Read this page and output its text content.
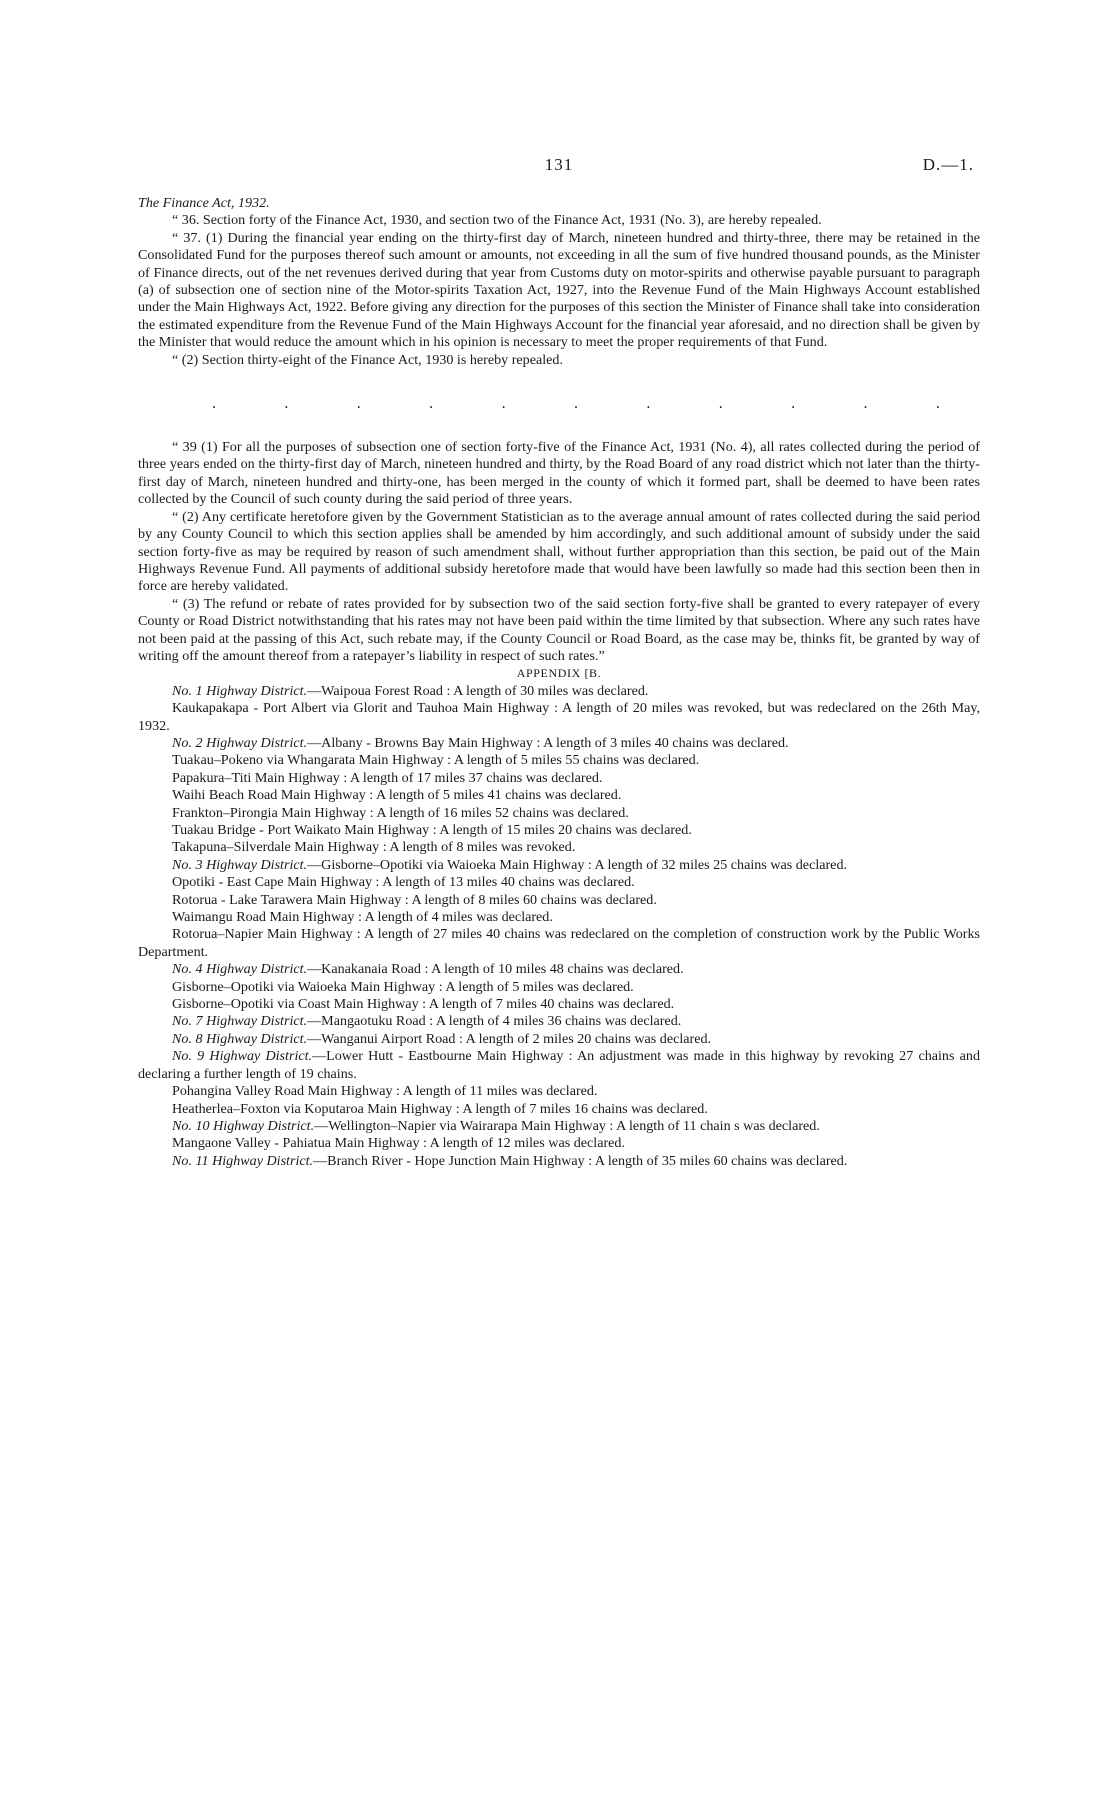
131	D.—1.

The Finance Act, 1932.

“ 36. Section forty of the Finance Act, 1930, and section two of the Finance Act, 1931 (No. 3), are hereby repealed.

“ 37. (1) During the financial year ending on the thirty-first day of March, nineteen hundred and thirty-three, there may be retained in the Consolidated Fund for the purposes thereof such amount or amounts, not exceeding in all the sum of five hundred thousand pounds, as the Minister of Finance directs, out of the net revenues derived during that year from Customs duty on motor-spirits and otherwise payable pursuant to paragraph (a) of subsection one of section nine of the Motor-spirits Taxation Act, 1927, into the Revenue Fund of the Main Highways Account established under the Main Highways Act, 1922. Before giving any direction for the purposes of this section the Minister of Finance shall take into consideration the estimated expenditure from the Revenue Fund of the Main Highways Account for the financial year aforesaid, and no direction shall be given by the Minister that would reduce the amount which in his opinion is necessary to meet the proper requirements of that Fund.

“ (2) Section thirty-eight of the Finance Act, 1930 is hereby repealed.

.	.	.	.	.	.	.	.	.	.	.

“ 39 (1) For all the purposes of subsection one of section forty-five of the Finance Act, 1931 (No. 4), all rates collected during the period of three years ended on the thirty-first day of March, nineteen hundred and thirty, by the Road Board of any road district which not later than the thirty-first day of March, nineteen hundred and thirty-one, has been merged in the county of which it formed part, shall be deemed to have been rates collected by the Council of such county during the said period of three years.

“ (2) Any certificate heretofore given by the Government Statistician as to the average annual amount of rates collected during the said period by any County Council to which this section applies shall be amended by him accordingly, and such additional amount of subsidy under the said section forty-five as may be required by reason of such amendment shall, without further appropriation than this section, be paid out of the Main Highways Revenue Fund. All payments of additional subsidy heretofore made that would have been lawfully so made had this section been then in force are hereby validated.

“ (3) The refund or rebate of rates provided for by subsection two of the said section forty-five shall be granted to every ratepayer of every County or Road District notwithstanding that his rates may not have been paid within the time limited by that subsection. Where any such rates have not been paid at the passing of this Act, such rebate may, if the County Council or Road Board, as the case may be, thinks fit, be granted by way of writing off the amount thereof from a ratepayer’s liability in respect of such rates.”

APPENDIX [B.

No. 1 Highway District.—Waipoua Forest Road : A length of 30 miles was declared.

Kaukapakapa - Port Albert via Glorit and Tauhoa Main Highway : A length of 20 miles was revoked, but was redeclared on the 26th May, 1932.

No. 2 Highway District.—Albany - Browns Bay Main Highway : A length of 3 miles 40 chains was declared.

Tuakau–Pokeno via Whangarata Main Highway : A length of 5 miles 55 chains was declared.

Papakura–Titi Main Highway : A length of 17 miles 37 chains was declared.

Waihi Beach Road Main Highway : A length of 5 miles 41 chains was declared.

Frankton–Pirongia Main Highway : A length of 16 miles 52 chains was declared.

Tuakau Bridge - Port Waikato Main Highway : A length of 15 miles 20 chains was declared.

Takapuna–Silverdale Main Highway : A length of 8 miles was revoked.

No. 3 Highway District.—Gisborne–Opotiki via Waioeka Main Highway : A length of 32 miles 25 chains was declared.

Opotiki - East Cape Main Highway : A length of 13 miles 40 chains was declared.

Rotorua - Lake Tarawera Main Highway : A length of 8 miles 60 chains was declared.

Waimangu Road Main Highway : A length of 4 miles was declared.

Rotorua–Napier Main Highway : A length of 27 miles 40 chains was redeclared on the completion of construction work by the Public Works Department.

No. 4 Highway District.—Kanakanaia Road : A length of 10 miles 48 chains was declared.

Gisborne–Opotiki via Waioeka Main Highway : A length of 5 miles was declared.

Gisborne–Opotiki via Coast Main Highway : A length of 7 miles 40 chains was declared.

No. 7 Highway District.—Mangaotuku Road : A length of 4 miles 36 chains was declared.

No. 8 Highway District.—Wanganui Airport Road : A length of 2 miles 20 chains was declared.

No. 9 Highway District.—Lower Hutt - Eastbourne Main Highway : An adjustment was made in this highway by revoking 27 chains and declaring a further length of 19 chains.

Pohangina Valley Road Main Highway : A length of 11 miles was declared.

Heatherlea–Foxton via Koputaroa Main Highway : A length of 7 miles 16 chains was declared.

No. 10 Highway District.—Wellington–Napier via Wairarapa Main Highway : A length of 11 chain s was declared.

Mangaone Valley - Pahiatua Main Highway : A length of 12 miles was declared.

No. 11 Highway District.—Branch River - Hope Junction Main Highway : A length of 35 miles 60 chains was declared.
